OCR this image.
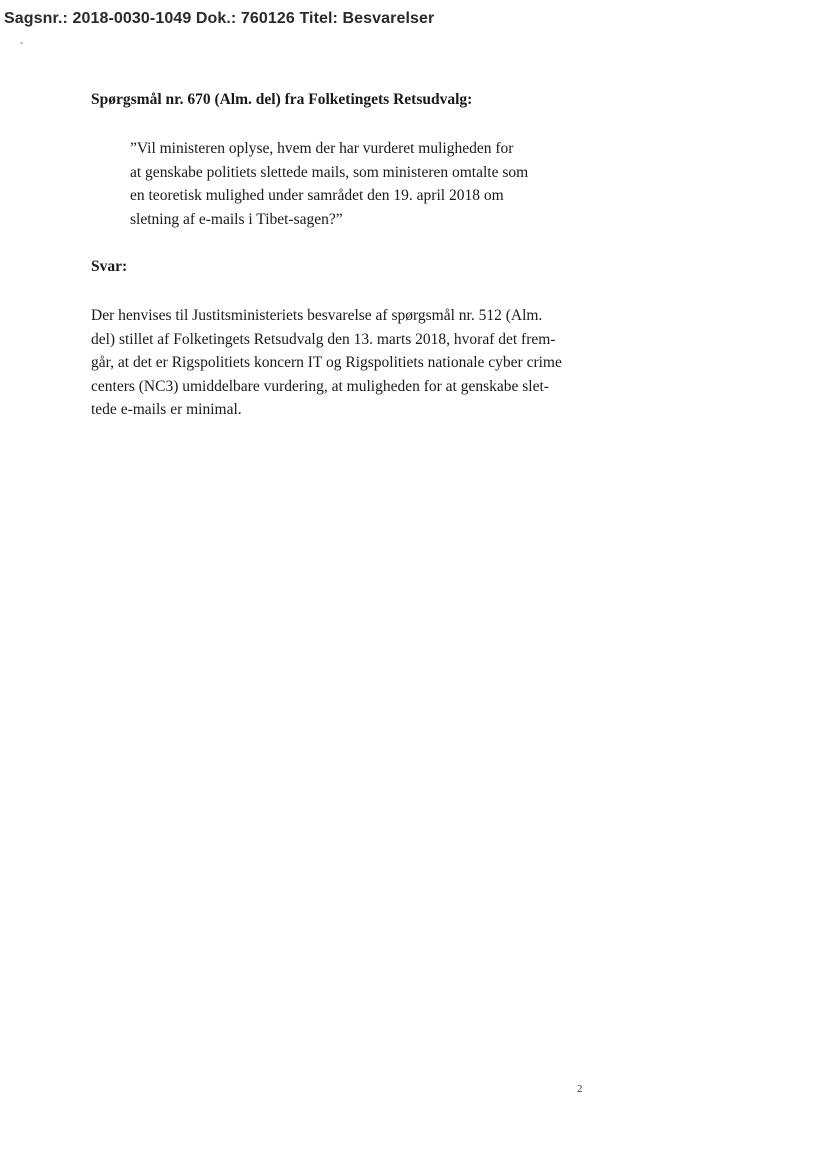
Sagsnr.: 2018-0030-1049 Dok.: 760126 Titel: Besvarelser
Spørgsmål nr. 670 (Alm. del) fra Folketingets Retsudvalg:
”Vil ministeren oplyse, hvem der har vurderet muligheden for
at genskabe politiets slettede mails, som ministeren omtalte som
en teoretisk mulighed under samrådet den 19. april 2018 om
sletning af e-mails i Tibet-sagen?”
Svar:
Der henvises til Justitsministeriets besvarelse af spørgsmål nr. 512 (Alm.
del) stillet af Folketingets Retsudvalg den 13. marts 2018, hvoraf det frem-
går, at det er Rigspolitiets koncern IT og Rigspolitiets nationale cyber crime
centers (NC3) umiddelbare vurdering, at muligheden for at genskabe slet-
tede e-mails er minimal.
2
